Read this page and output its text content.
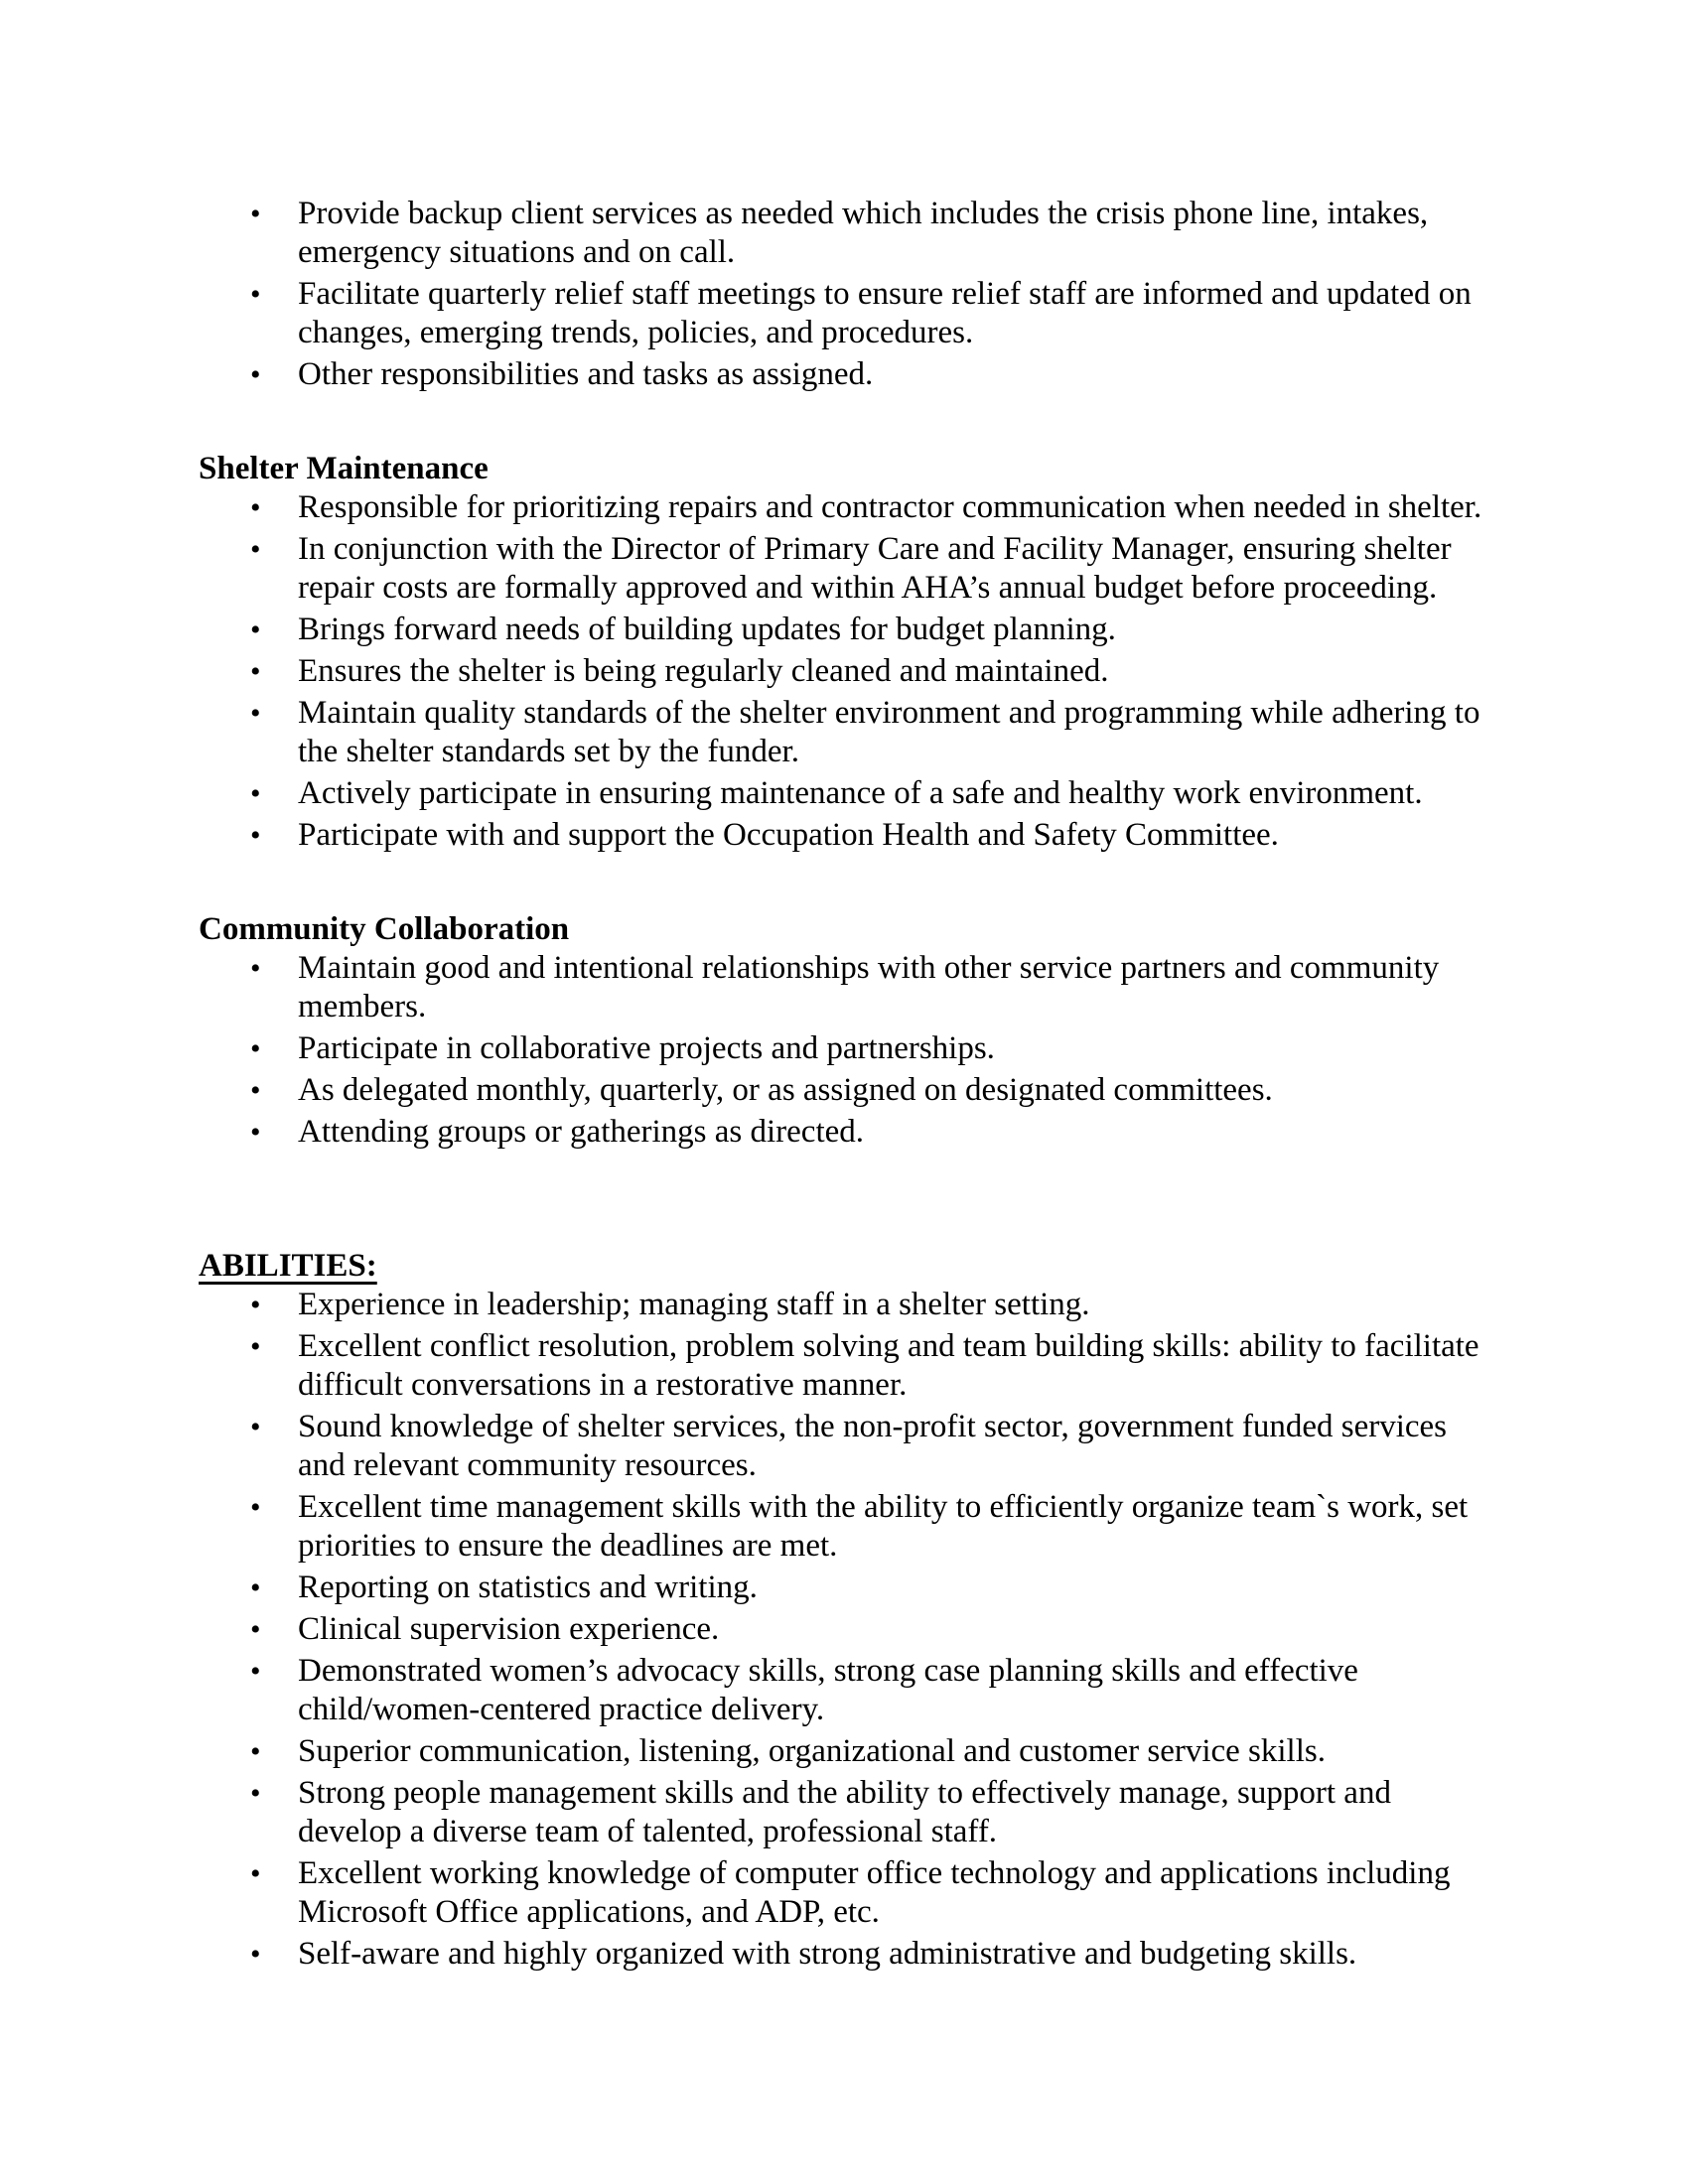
• Provide backup client services as needed which includes the crisis phone line, intakes, emergency situations and on call.
• Facilitate quarterly relief staff meetings to ensure relief staff are informed and updated on changes, emerging trends, policies, and procedures.
• Other responsibilities and tasks as assigned.
Shelter Maintenance
• Responsible for prioritizing repairs and contractor communication when needed in shelter.
• In conjunction with the Director of Primary Care and Facility Manager, ensuring shelter repair costs are formally approved and within AHA’s annual budget before proceeding.
• Brings forward needs of building updates for budget planning.
• Ensures the shelter is being regularly cleaned and maintained.
• Maintain quality standards of the shelter environment and programming while adhering to the shelter standards set by the funder.
• Actively participate in ensuring maintenance of a safe and healthy work environment.
• Participate with and support the Occupation Health and Safety Committee.
Community Collaboration
• Maintain good and intentional relationships with other service partners and community members.
• Participate in collaborative projects and partnerships.
• As delegated monthly, quarterly, or as assigned on designated committees.
• Attending groups or gatherings as directed.
ABILITIES:
• Experience in leadership; managing staff in a shelter setting.
• Excellent conflict resolution, problem solving and team building skills: ability to facilitate difficult conversations in a restorative manner.
• Sound knowledge of shelter services, the non-profit sector, government funded services and relevant community resources.
• Excellent time management skills with the ability to efficiently organize team`s work, set priorities to ensure the deadlines are met.
• Reporting on statistics and writing.
• Clinical supervision experience.
• Demonstrated women’s advocacy skills, strong case planning skills and effective child/women-centered practice delivery.
• Superior communication, listening, organizational and customer service skills.
• Strong people management skills and the ability to effectively manage, support and develop a diverse team of talented, professional staff.
• Excellent working knowledge of computer office technology and applications including Microsoft Office applications, and ADP, etc.
• Self-aware and highly organized with strong administrative and budgeting skills.
